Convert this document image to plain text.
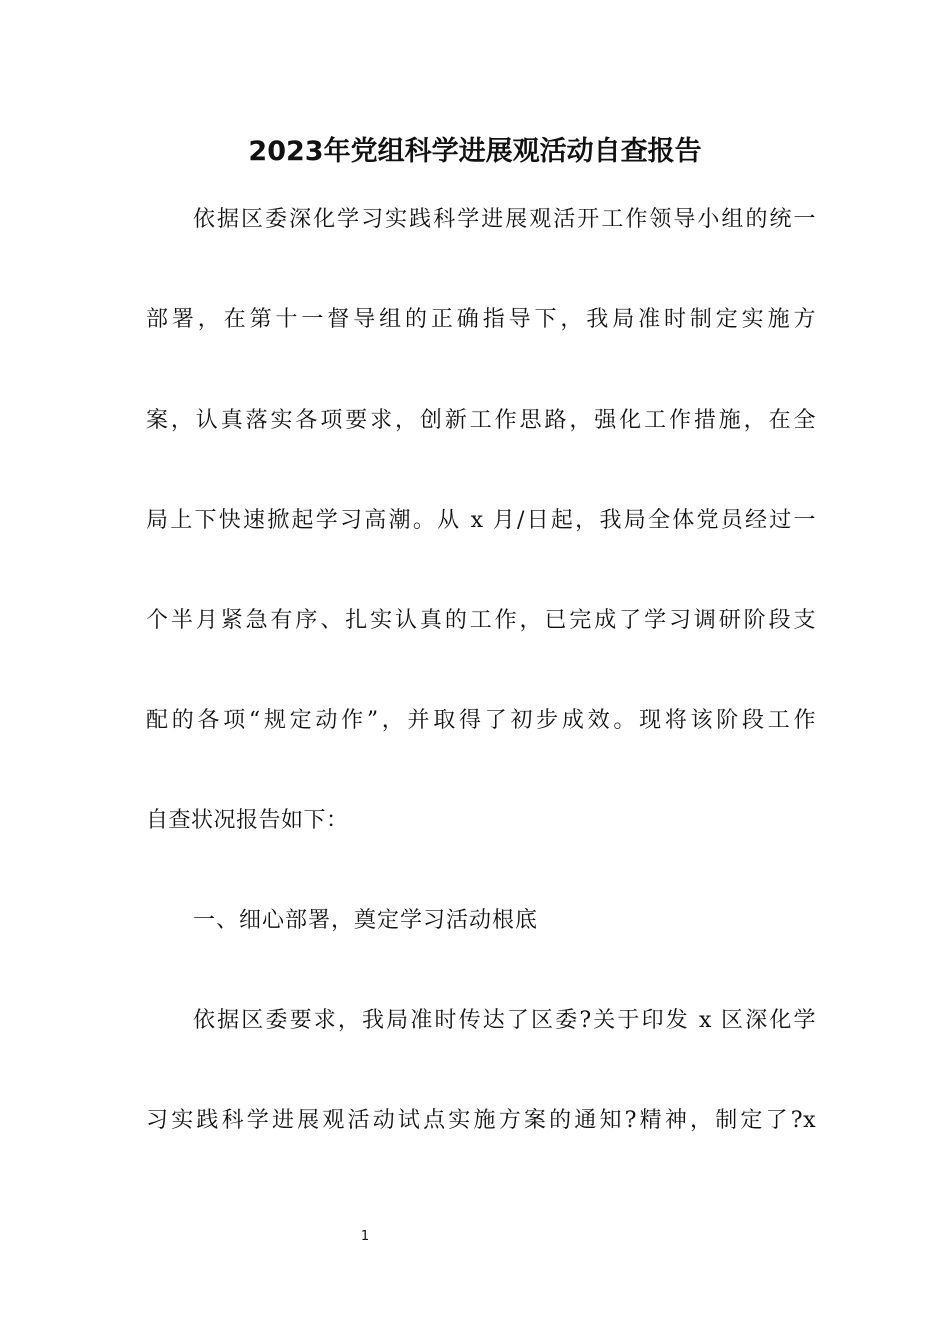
2023年党组科学进展观活动自查报告

依据区委深化学习实践科学进展观活开工作领导小组的统一

部署，在第十一督导组的正确指导下，我局准时制定实施方

案，认真落实各项要求，创新工作思路，强化工作措施，在全

局上下快速掀起学习高潮。从 x 月/日起，我局全体党员经过一

个半月紧急有序、扎实认真的工作，已完成了学习调研阶段支

配的各项“规定动作”，并取得了初步成效。现将该阶段工作

自查状况报告如下：

一、细心部署，奠定学习活动根底

依据区委要求，我局准时传达了区委?关于印发 x 区深化学

习实践科学进展观活动试点实施方案的通知?精神，制定了?x

1
